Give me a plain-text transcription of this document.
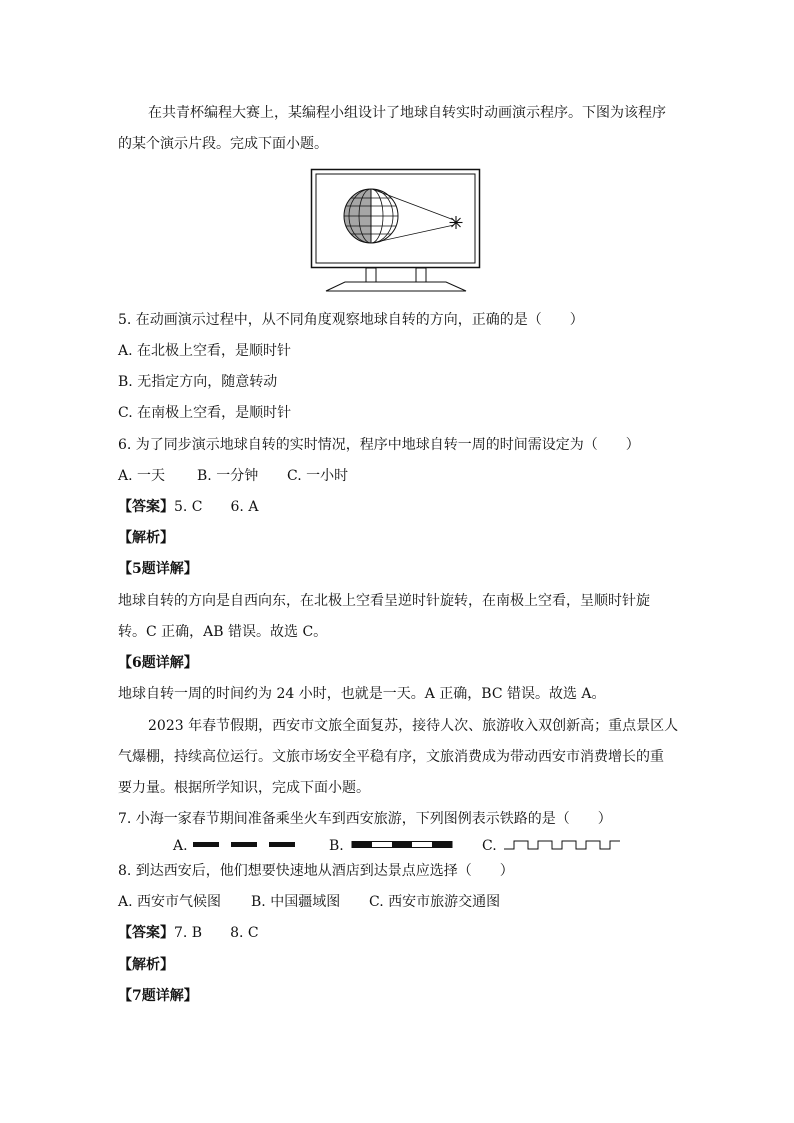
在共青杯编程大赛上，某编程小组设计了地球自转实时动画演示程序。下图为该程序
的某个演示片段。完成下面小题。
5. 在动画演示过程中，从不同角度观察地球自转的方向，正确的是（　　）
A. 在北极上空看，是顺时针
B. 无指定方向，随意转动
C. 在南极上空看，是顺时针
6. 为了同步演示地球自转的实时情况，程序中地球自转一周的时间需设定为（　　）
A. 一天 B. 一分钟 C. 一小时
【答案】5. C　　6. A
【解析】
【5题详解】
地球自转的方向是自西向东，在北极上空看呈逆时针旋转，在南极上空看，呈顺时针旋
转。C 正确，AB 错误。故选 C。
【6题详解】
地球自转一周的时间约为 24 小时，也就是一天。A 正确，BC 错误。故选 A。
2023 年春节假期，西安市文旅全面复苏，接待人次、旅游收入双创新高；重点景区人
气爆棚，持续高位运行。文旅市场安全平稳有序，文旅消费成为带动西安市消费增长的重
要力量。根据所学知识，完成下面小题。
7. 小海一家春节期间准备乘坐火车到西安旅游，下列图例表示铁路的是（　　）
A.	B.	C.
8. 到达西安后，他们想要快速地从酒店到达景点应选择（　　）
A. 西安市气候图 B. 中国疆域图 C. 西安市旅游交通图
【答案】7. B　　8. C
【解析】
【7题详解】
